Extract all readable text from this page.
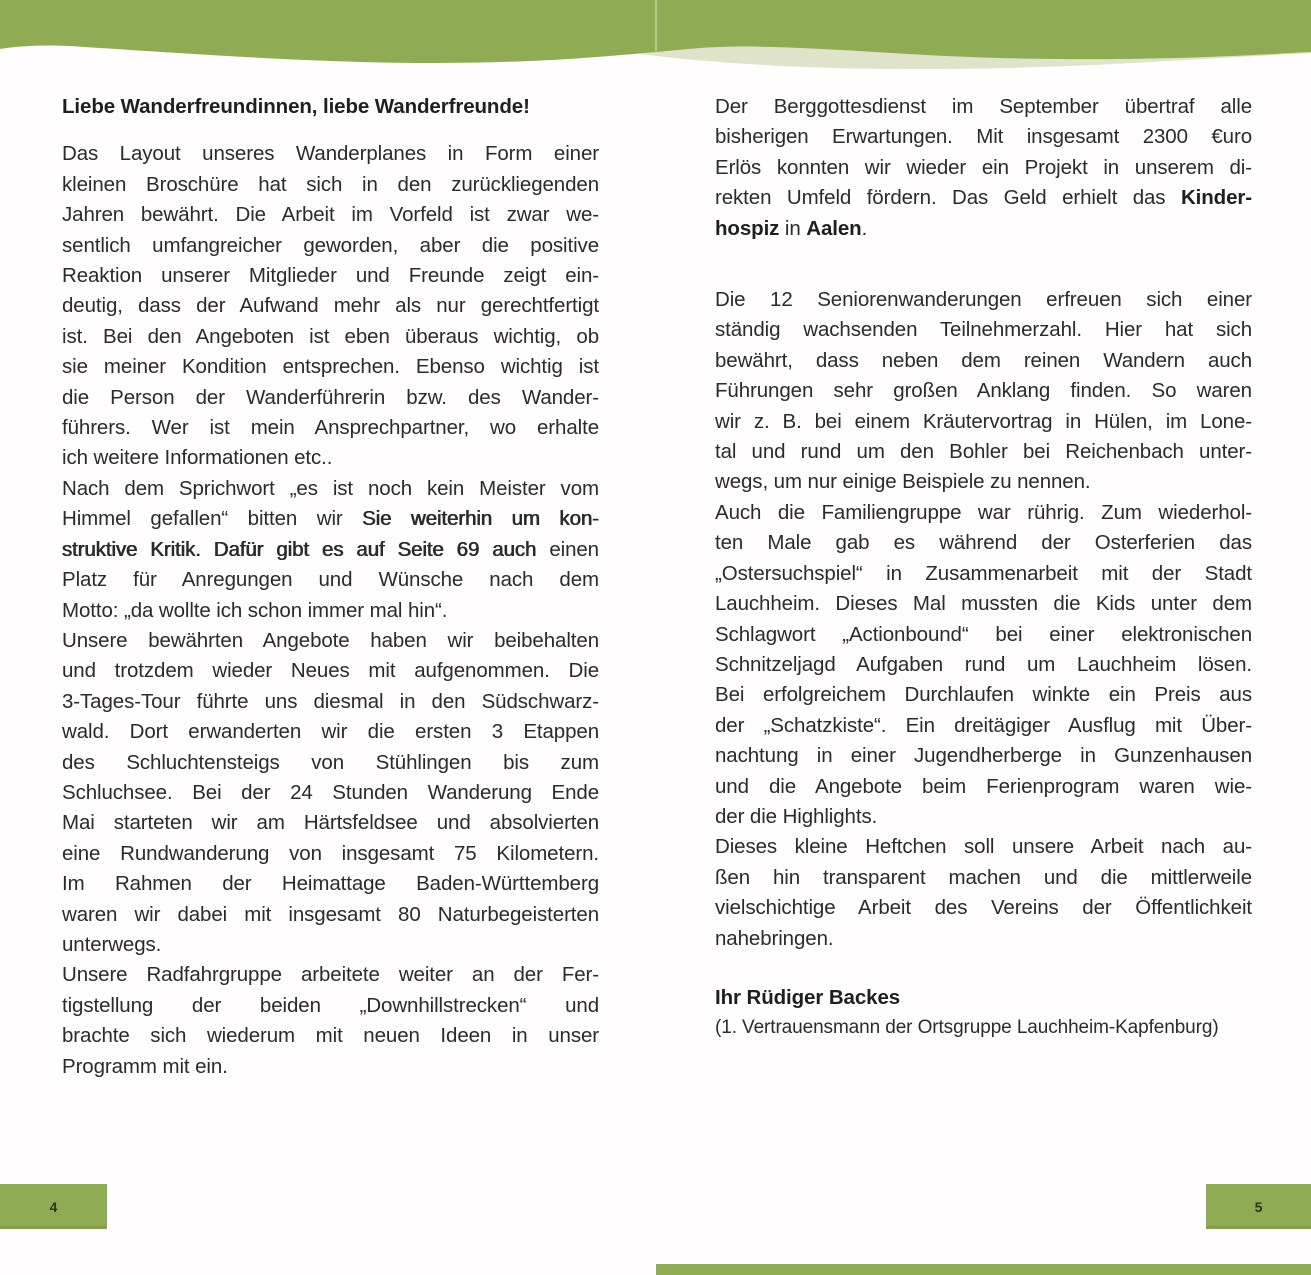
Liebe Wanderfreundinnen, liebe Wanderfreunde!
Das Layout unseres Wanderplanes in Form einer
kleinen Broschüre hat sich in den zurückliegenden
Jahren bewährt. Die Arbeit im Vorfeld ist zwar we-
sentlich umfangreicher geworden, aber die positive
Reaktion unserer Mitglieder und Freunde zeigt ein-
deutig, dass der Aufwand mehr als nur gerechtfertigt
ist. Bei den Angeboten ist eben überaus wichtig, ob
sie meiner Kondition entsprechen. Ebenso wichtig ist
die Person der Wanderführerin bzw. des Wander-
führers. Wer ist mein Ansprechpartner, wo erhalte
ich weitere Informationen etc..
Nach dem Sprichwort „es ist noch kein Meister vom
Himmel gefallen“ bitten wir Sie weiterhin um kon-
struktive Kritik. Dafür gibt es auf Seite 69 auch einen
Platz für Anregungen und Wünsche nach dem
Motto: „da wollte ich schon immer mal hin“.
Unsere bewährten Angebote haben wir beibehalten
und trotzdem wieder Neues mit aufgenommen. Die
3-Tages-Tour führte uns diesmal in den Südschwarz-
wald. Dort erwanderten wir die ersten 3 Etappen
des Schluchtensteigs von Stühlingen bis zum
Schluchsee. Bei der 24 Stunden Wanderung Ende
Mai starteten wir am Härtsfeldsee und absolvierten
eine Rundwanderung von insgesamt 75 Kilometern.
Im Rahmen der Heimattage Baden-Württemberg
waren wir dabei mit insgesamt 80 Naturbegeisterten
unterwegs.
Unsere Radfahrgruppe arbeitete weiter an der Fer-
tigstellung der beiden „Downhillstrecken“ und
brachte sich wiederum mit neuen Ideen in unser
Programm mit ein.
Der Berggottesdienst im September übertraf alle
bisherigen Erwartungen. Mit insgesamt 2300 €uro
Erlös konnten wir wieder ein Projekt in unserem di-
rekten Umfeld fördern. Das Geld erhielt das Kinder-
hospiz in Aalen.
Die 12 Seniorenwanderungen erfreuen sich einer
ständig wachsenden Teilnehmerzahl. Hier hat sich
bewährt, dass neben dem reinen Wandern auch
Führungen sehr großen Anklang finden. So waren
wir z. B. bei einem Kräutervortrag in Hülen, im Lone-
tal und rund um den Bohler bei Reichenbach unter-
wegs, um nur einige Beispiele zu nennen.
Auch die Familiengruppe war rührig. Zum wiederhol-
ten Male gab es während der Osterferien das
„Ostersuchspiel“ in Zusammenarbeit mit der Stadt
Lauchheim. Dieses Mal mussten die Kids unter dem
Schlagwort „Actionbound“ bei einer elektronischen
Schnitzeljagd Aufgaben rund um Lauchheim lösen.
Bei erfolgreichem Durchlaufen winkte ein Preis aus
der „Schatzkiste“. Ein dreitägiger Ausflug mit Über-
nachtung in einer Jugendherberge in Gunzenhausen
und die Angebote beim Ferienprogram waren wie-
der die Highlights.
Dieses kleine Heftchen soll unsere Arbeit nach au-
ßen hin transparent machen und die mittlerweile
vielschichtige Arbeit des Vereins der Öffentlichkeit
nahebringen.
Ihr Rüdiger Backes
(1. Vertrauensmann der Ortsgruppe Lauchheim-Kapfenburg)
4	5
